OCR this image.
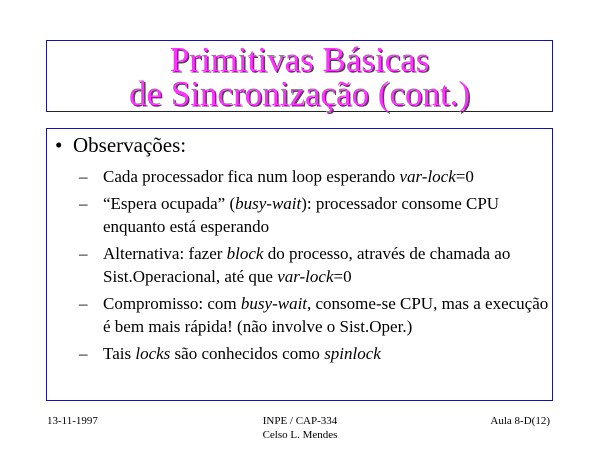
Primitivas Básicas
de Sincronização (cont.)
• Observações:
– Cada processador fica num loop esperando var-lock=0
– “Espera ocupada” (busy-wait): processador consome CPU enquanto está esperando
– Alternativa: fazer block do processo, através de chamada ao Sist.Operacional, até que var-lock=0
– Compromisso: com busy-wait, consome-se CPU, mas a execução é bem mais rápida! (não involve o Sist.Oper.)
– Tais locks são conhecidos como spinlock
13-11-1997	INPE / CAP-334
Celso L. Mendes
Aula 8-D(12)
